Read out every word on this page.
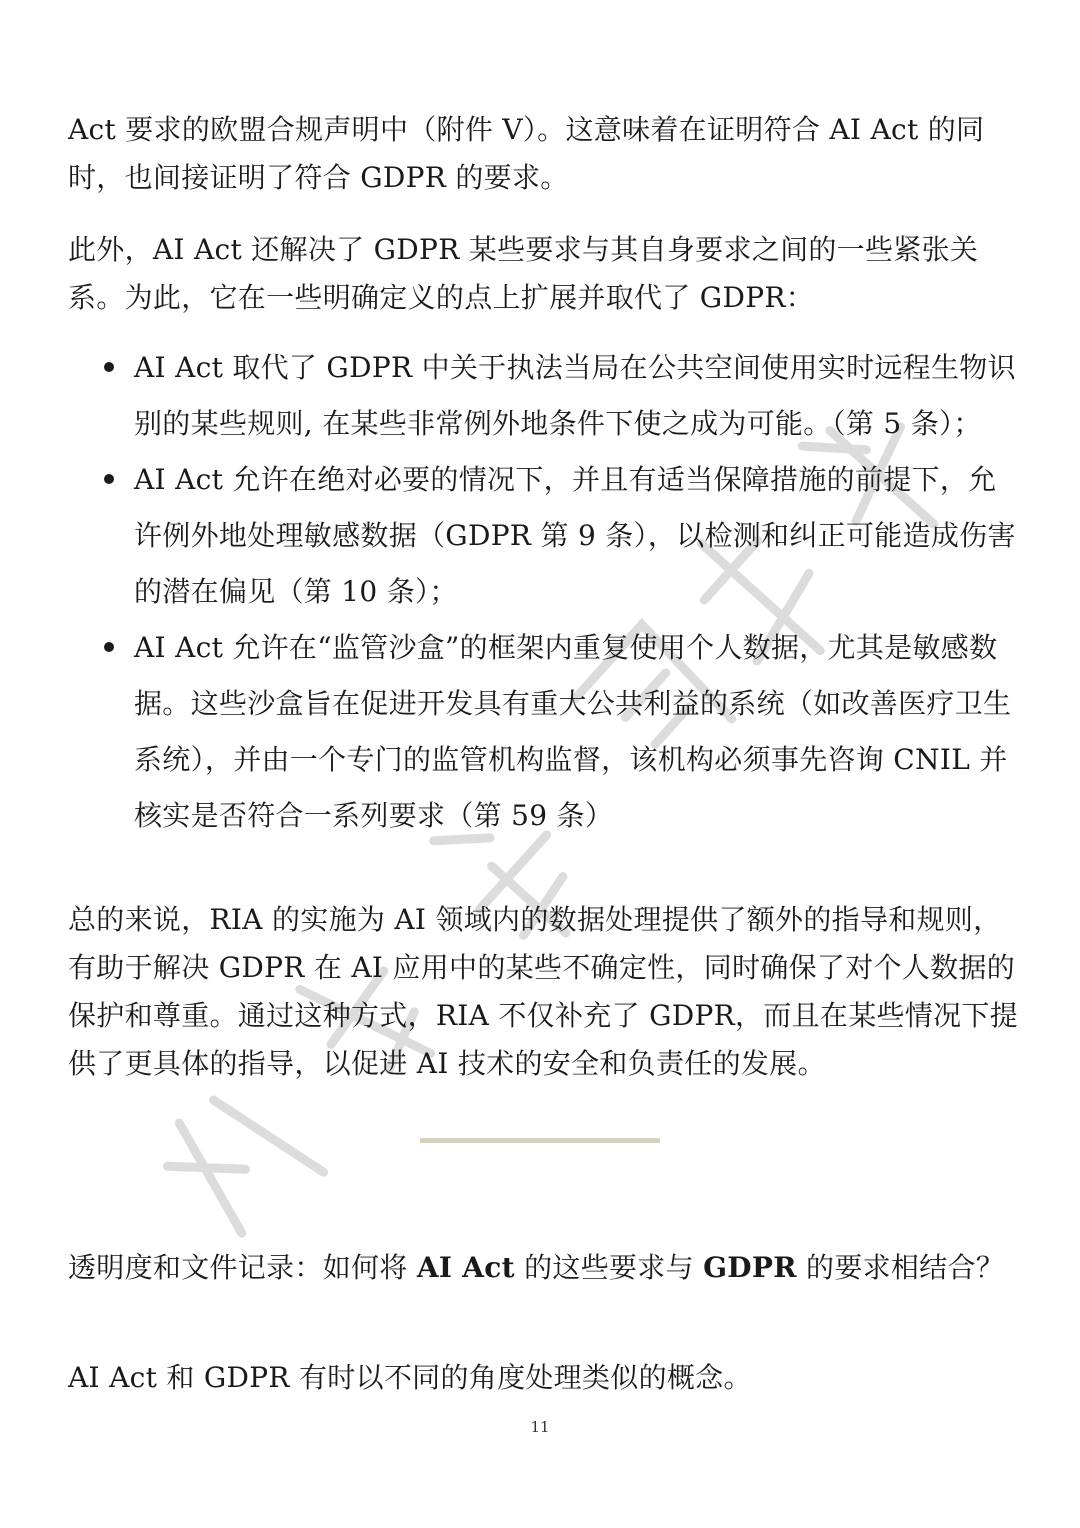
数据合规沙龙

Act 要求的欧盟合规声明中（附件 V）。这意味着在证明符合 AI Act 的同时，也间接证明了符合 GDPR 的要求。

此外，AI Act 还解决了 GDPR 某些要求与其自身要求之间的一些紧张关系。为此，它在一些明确定义的点上扩展并取代了 GDPR：

AI Act 取代了 GDPR 中关于执法当局在公共空间使用实时远程生物识别的某些规则, 在某些非常例外地条件下使之成为可能。（第 5 条）；
AI Act 允许在绝对必要的情况下，并且有适当保障措施的前提下，允许例外地处理敏感数据（GDPR 第 9 条），以检测和纠正可能造成伤害的潜在偏见（第 10 条）；
AI Act 允许在“监管沙盒”的框架内重复使用个人数据，尤其是敏感数据。这些沙盒旨在促进开发具有重大公共利益的系统（如改善医疗卫生系统），并由一个专门的监管机构监督，该机构必须事先咨询 CNIL 并核实是否符合一系列要求（第 59 条）

总的来说，RIA 的实施为 AI 领域内的数据处理提供了额外的指导和规则，有助于解决 GDPR 在 AI 应用中的某些不确定性，同时确保了对个人数据的保护和尊重。通过这种方式，RIA 不仅补充了 GDPR，而且在某些情况下提供了更具体的指导，以促进 AI 技术的安全和负责任的发展。

透明度和文件记录：如何将 AI Act 的这些要求与 GDPR 的要求相结合？

AI Act 和 GDPR 有时以不同的角度处理类似的概念。

11
